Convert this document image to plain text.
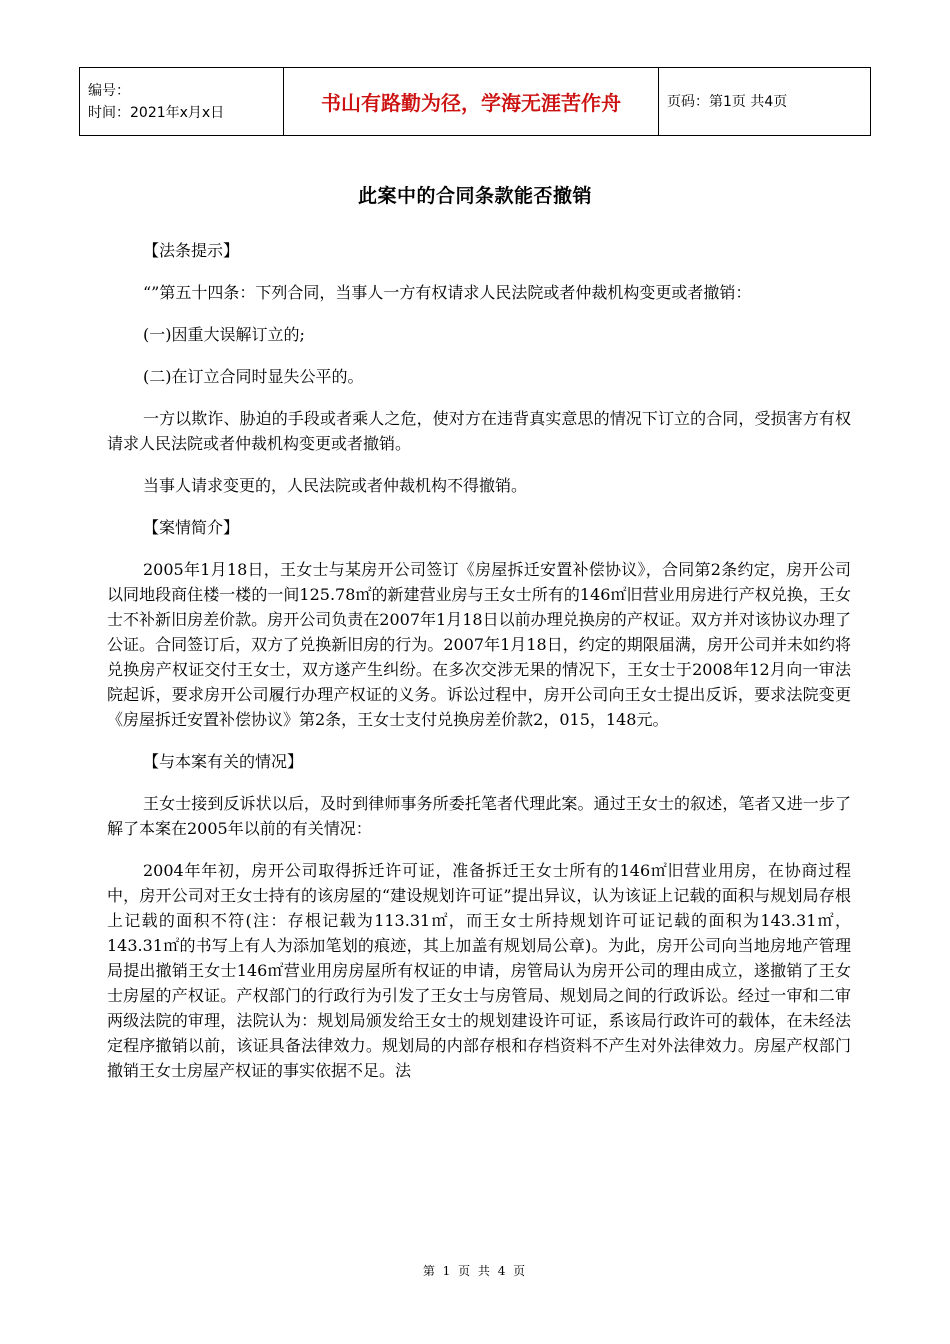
编号：
时间：2021年x月x日	书山有路勤为径，学海无涯苦作舟	页码：第1页 共4页
此案中的合同条款能否撤销

【法条提示】

“”第五十四条：下列合同，当事人一方有权请求人民法院或者仲裁机构变更或者撤销：

(一)因重大误解订立的;

(二)在订立合同时显失公平的。

一方以欺诈、胁迫的手段或者乘人之危，使对方在违背真实意思的情况下订立的合同，受损害方有权请求人民法院或者仲裁机构变更或者撤销。

当事人请求变更的，人民法院或者仲裁机构不得撤销。

【案情简介】

2005年1月18日，王女士与某房开公司签订《房屋拆迁安置补偿协议》，合同第2条约定，房开公司以同地段商住楼一楼的一间125.78㎡的新建营业房与王女士所有的146㎡旧营业用房进行产权兑换，王女士不补新旧房差价款。房开公司负责在2007年1月18日以前办理兑换房的产权证。双方并对该协议办理了公证。合同签订后，双方了兑换新旧房的行为。2007年1月18日，约定的期限届满，房开公司并未如约将兑换房产权证交付王女士，双方遂产生纠纷。在多次交涉无果的情况下，王女士于2008年12月向一审法院起诉，要求房开公司履行办理产权证的义务。诉讼过程中，房开公司向王女士提出反诉，要求法院变更《房屋拆迁安置补偿协议》第2条，王女士支付兑换房差价款2，015，148元。

【与本案有关的情况】

王女士接到反诉状以后，及时到律师事务所委托笔者代理此案。通过王女士的叙述，笔者又进一步了解了本案在2005年以前的有关情况：

2004年年初，房开公司取得拆迁许可证，准备拆迁王女士所有的146㎡旧营业用房，在协商过程中，房开公司对王女士持有的该房屋的“建设规划许可证”提出异议，认为该证上记载的面积与规划局存根上记载的面积不符(注：存根记载为113.31㎡，而王女士所持规划许可证记载的面积为143.31㎡，143.31㎡的书写上有人为添加笔划的痕迹，其上加盖有规划局公章)。为此，房开公司向当地房地产管理局提出撤销王女士146㎡营业用房房屋所有权证的申请，房管局认为房开公司的理由成立，遂撤销了王女士房屋的产权证。产权部门的行政行为引发了王女士与房管局、规划局之间的行政诉讼。经过一审和二审两级法院的审理，法院认为：规划局颁发给王女士的规划建设许可证，系该局行政许可的载体，在未经法定程序撤销以前，该证具备法律效力。规划局的内部存根和存档资料不产生对外法律效力。房屋产权部门撤销王女士房屋产权证的事实依据不足。法

第 1 页 共 4 页
